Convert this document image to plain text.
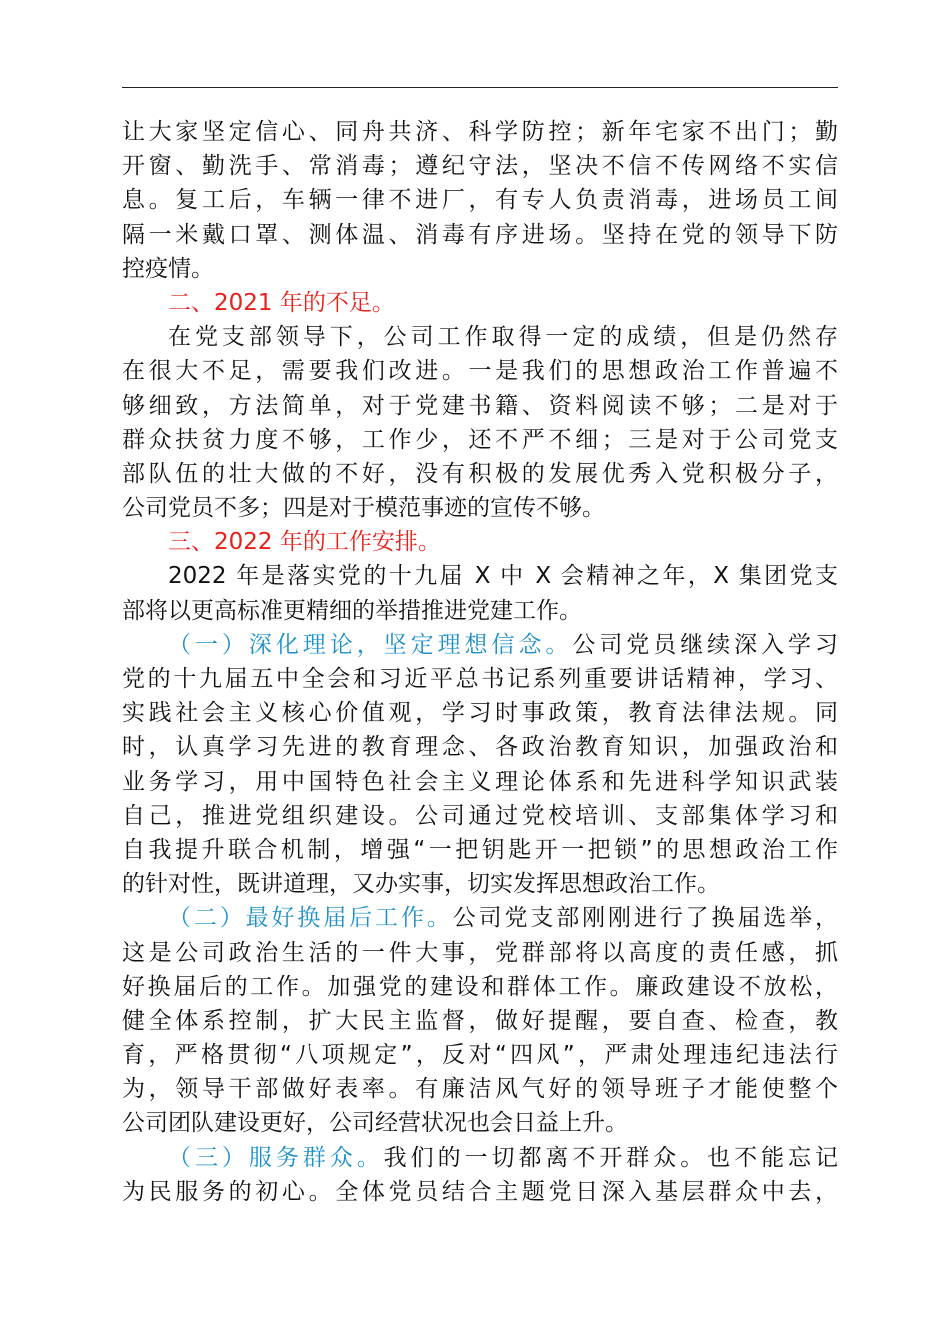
让大家坚定信心、同舟共济、科学防控；新年宅家不出门；勤
开窗、勤洗手、常消毒；遵纪守法，坚决不信不传网络不实信
息。复工后，车辆一律不进厂，有专人负责消毒，进场员工间
隔一米戴口罩、测体温、消毒有序进场。坚持在党的领导下防
控疫情。
二、2021 年的不足。
在党支部领导下，公司工作取得一定的成绩，但是仍然存
在很大不足，需要我们改进。一是我们的思想政治工作普遍不
够细致，方法简单，对于党建书籍、资料阅读不够；二是对于
群众扶贫力度不够，工作少，还不严不细；三是对于公司党支
部队伍的壮大做的不好，没有积极的发展优秀入党积极分子，
公司党员不多；四是对于模范事迹的宣传不够。
三、2022 年的工作安排。
2022 年是落实党的十九届 X 中 X 会精神之年，X 集团党支
部将以更高标准更精细的举措推进党建工作。
（一）深化理论，坚定理想信念。公司党员继续深入学习
党的十九届五中全会和习近平总书记系列重要讲话精神，学习、
实践社会主义核心价值观，学习时事政策，教育法律法规。同
时，认真学习先进的教育理念、各政治教育知识，加强政治和
业务学习，用中国特色社会主义理论体系和先进科学知识武装
自己，推进党组织建设。公司通过党校培训、支部集体学习和
自我提升联合机制，增强“一把钥匙开一把锁”的思想政治工作
的针对性，既讲道理，又办实事，切实发挥思想政治工作。
（二）最好换届后工作。公司党支部刚刚进行了换届选举，
这是公司政治生活的一件大事，党群部将以高度的责任感，抓
好换届后的工作。加强党的建设和群体工作。廉政建设不放松，
健全体系控制，扩大民主监督，做好提醒，要自查、检查，教
育，严格贯彻“八项规定”，反对“四风”，严肃处理违纪违法行
为，领导干部做好表率。有廉洁风气好的领导班子才能使整个
公司团队建设更好，公司经营状况也会日益上升。
（三）服务群众。我们的一切都离不开群众。也不能忘记
为民服务的初心。全体党员结合主题党日深入基层群众中去，
